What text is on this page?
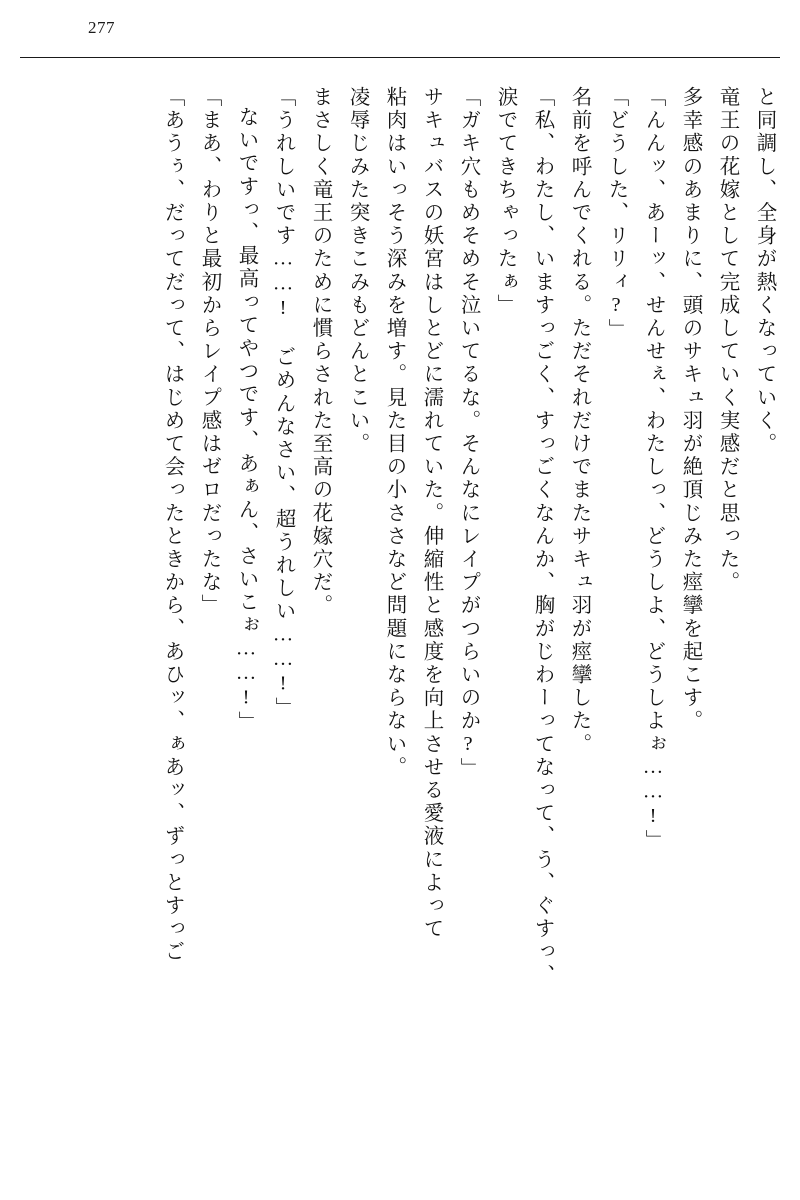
277
と同調し、全身が熱くなっていく。
竜王の花嫁として完成していく実感だと思った。
多幸感のあまりに、頭のサキュ羽が絶頂じみた痙攣を起こす。
「んんッ、あーッ、せんせぇ、わたしっ、どうしよ、どうしよぉ……!」
「どうした、リリィ?」
名前を呼んでくれる。ただそれだけでまたサキュ羽が痙攣した。
「私、わたし、いますっごく、すっごくなんか、胸がじわーってなって、う、ぐすっ、
涙でてきちゃったぁ」
「ガキ穴もめそめそ泣いてるな。そんなにレイプがつらいのか?」
サキュバスの妖宮はしとどに濡れていた。伸縮性と感度を向上させる愛液によって
粘肉はいっそう深みを増す。見た目の小ささなど問題にならない。
凌辱じみた突きこみもどんとこい。
まさしく竜王のために慣らされた至高の花嫁穴だ。
「うれしいです……! ごめんなさい、超うれしい……!」
ないですっ、最高ってやつです、あぁん、さいこぉ……!」
「まあ、わりと最初からレイプ感はゼロだったな」
「あうぅ、だってだって、はじめて会ったときから、あひッ、ぁあッ、ずっとすっご
